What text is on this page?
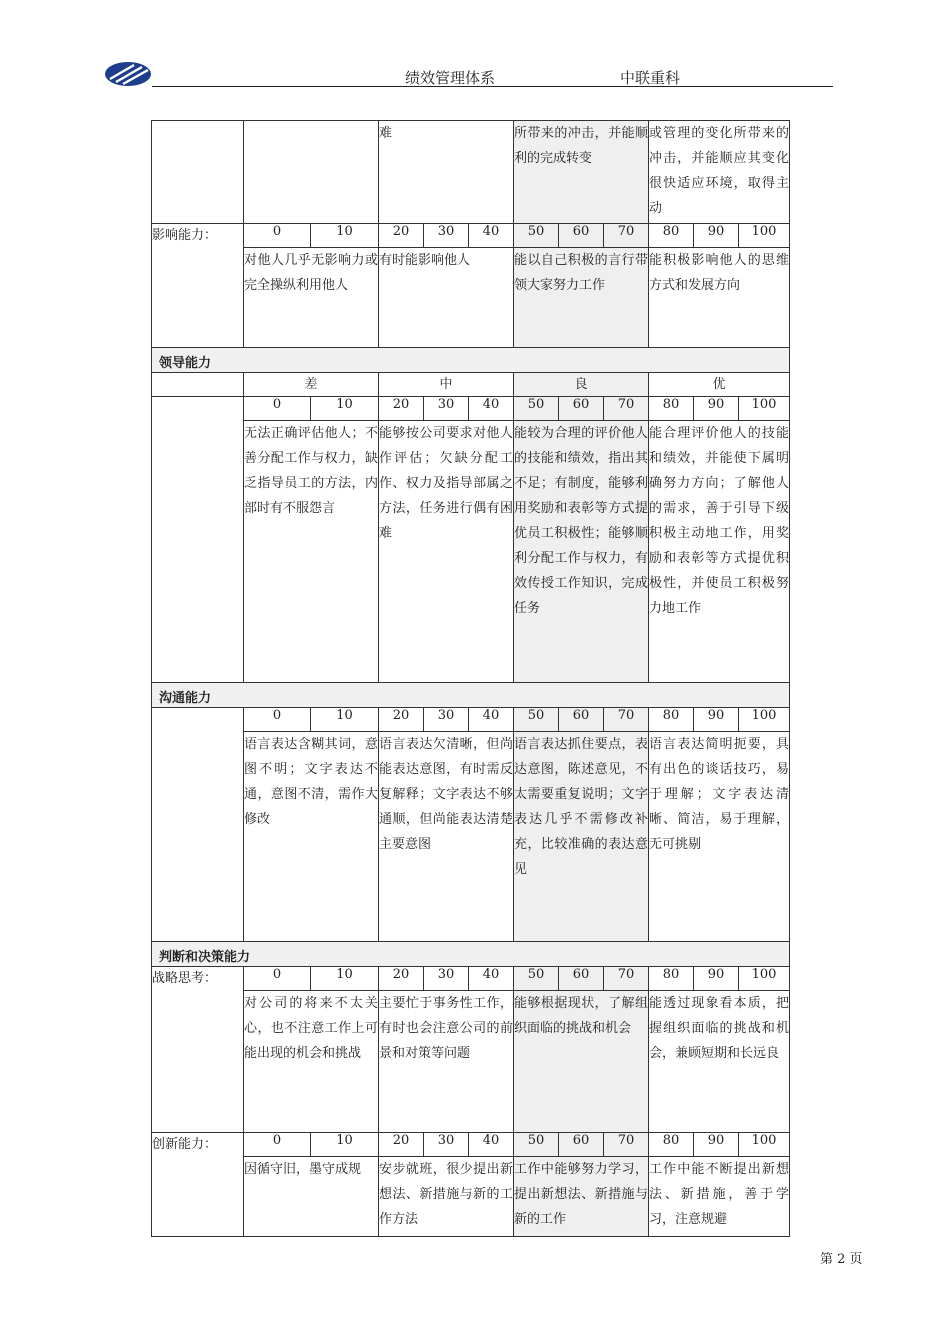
绩效管理体系	中联重科
			难			所带来的冲击，并能顺利的完成转变			或管理的变化所带来的冲击，并能顺应其变化很快适应环境，取得主动		
影响能力：	0	10	20	30	40	50	60	70	80	90	100
	对他人几乎无影响力或完全操纵利用他人		有时能影响他人			能以自己积极的言行带领大家努力工作			能积极影响他人的思维方式和发展方向		
领导能力											
	差		中			良			优		
	0	10	20	30	40	50	60	70	80	90	100
	无法正确评估他人；不善分配工作与权力，缺乏指导员工的方法，内部时有不服怨言		能够按公司要求对他人作评估；欠缺分配工作、权力及指导部属之方法，任务进行偶有困难			能较为合理的评价他人的技能和绩效，指出其不足；有制度，能够利用奖励和表彰等方式提优员工积极性；能够顺利分配工作与权力，有效传授工作知识，完成任务			能合理评价他人的技能和绩效，并能使下属明确努力方向；了解他人的需求，善于引导下级积极主动地工作，用奖励和表彰等方式提优积极性，并使员工积极努力地工作		
沟通能力											
	0	10	20	30	40	50	60	70	80	90	100
	语言表达含糊其词，意图不明；文字表达不通，意图不清，需作大修改		语言表达欠清晰，但尚能表达意图，有时需反复解释；文字表达不够通顺，但尚能表达清楚主要意图			语言表达抓住要点，表达意图，陈述意见，不太需要重复说明；文字表达几乎不需修改补充，比较准确的表达意见			语言表达简明扼要，具有出色的谈话技巧，易于理解；文字表达清晰、简洁，易于理解，无可挑剔		
判断和决策能力											
战略思考：	0	10	20	30	40	50	60	70	80	90	100
	对公司的将来不太关心，也不注意工作上可能出现的机会和挑战		主要忙于事务性工作，有时也会注意公司的前景和对策等问题			能够根据现状，了解组织面临的挑战和机会			能透过现象看本质，把握组织面临的挑战和机会，兼顾短期和长远良		
创新能力：	0	10	20	30	40	50	60	70	80	90	100
	因循守旧，墨守成规		安步就班，很少提出新想法、新措施与新的工作方法			工作中能够努力学习，提出新想法、新措施与新的工作			工作中能不断提出新想法、新措施，善于学习，注意规避		
第 2 页
